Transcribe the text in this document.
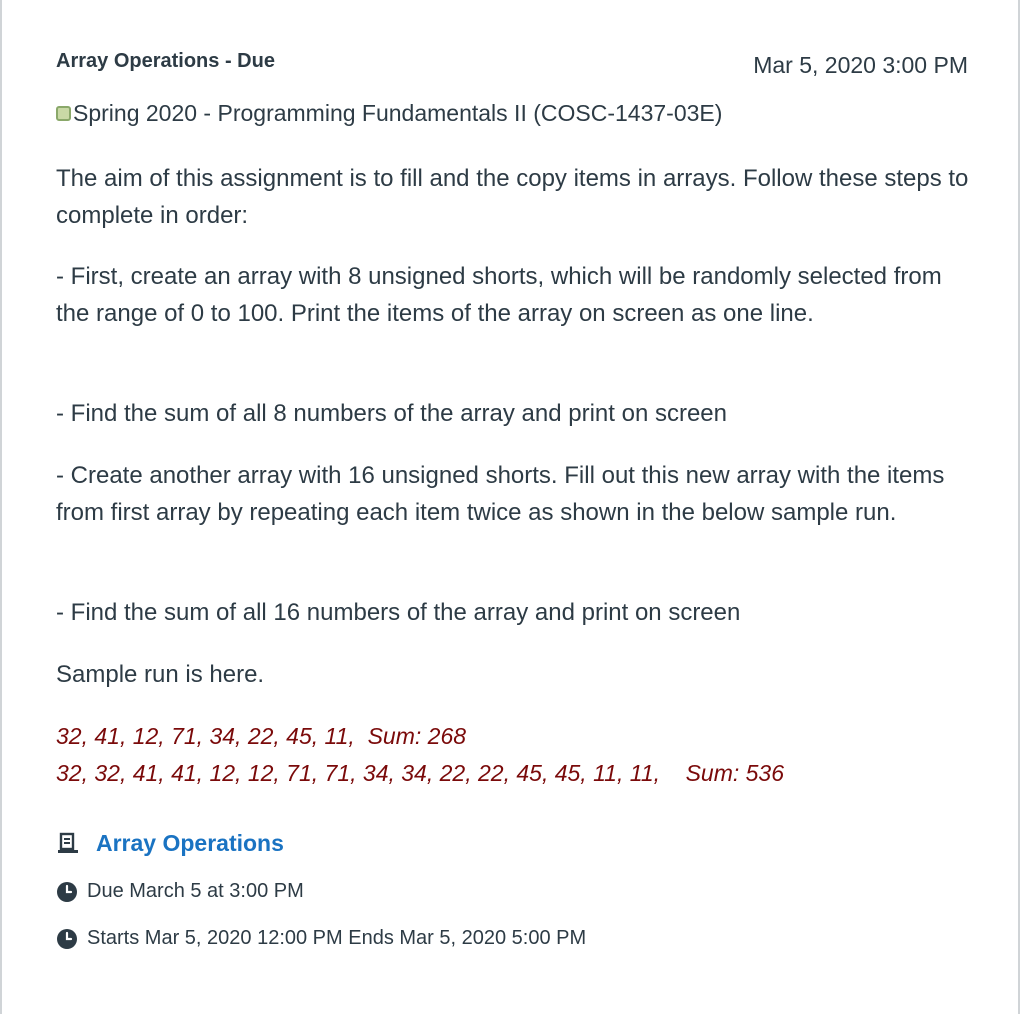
Array Operations - Due	Mar 5, 2020 3:00 PM
Spring 2020 - Programming Fundamentals II (COSC-1437-03E)

The aim of this assignment is to fill and the copy items in arrays. Follow these steps to complete in order:

- First, create an array with 8 unsigned shorts, which will be randomly selected from the range of 0 to 100. Print the items of the array on screen as one line.

- Find the sum of all 8 numbers of the array and print on screen

- Create another array with 16 unsigned shorts. Fill out this new array with the items from first array by repeating each item twice as shown in the below sample run.

- Find the sum of all 16 numbers of the array and print on screen

Sample run is here.

32, 41, 12, 71, 34, 22, 45, 11,  Sum: 268
32, 32, 41, 41, 12, 12, 71, 71, 34, 34, 22, 22, 45, 45, 11, 11,    Sum: 536
Array Operations
Due March 5 at 3:00 PM
Starts Mar 5, 2020 12:00 PM Ends Mar 5, 2020 5:00 PM
